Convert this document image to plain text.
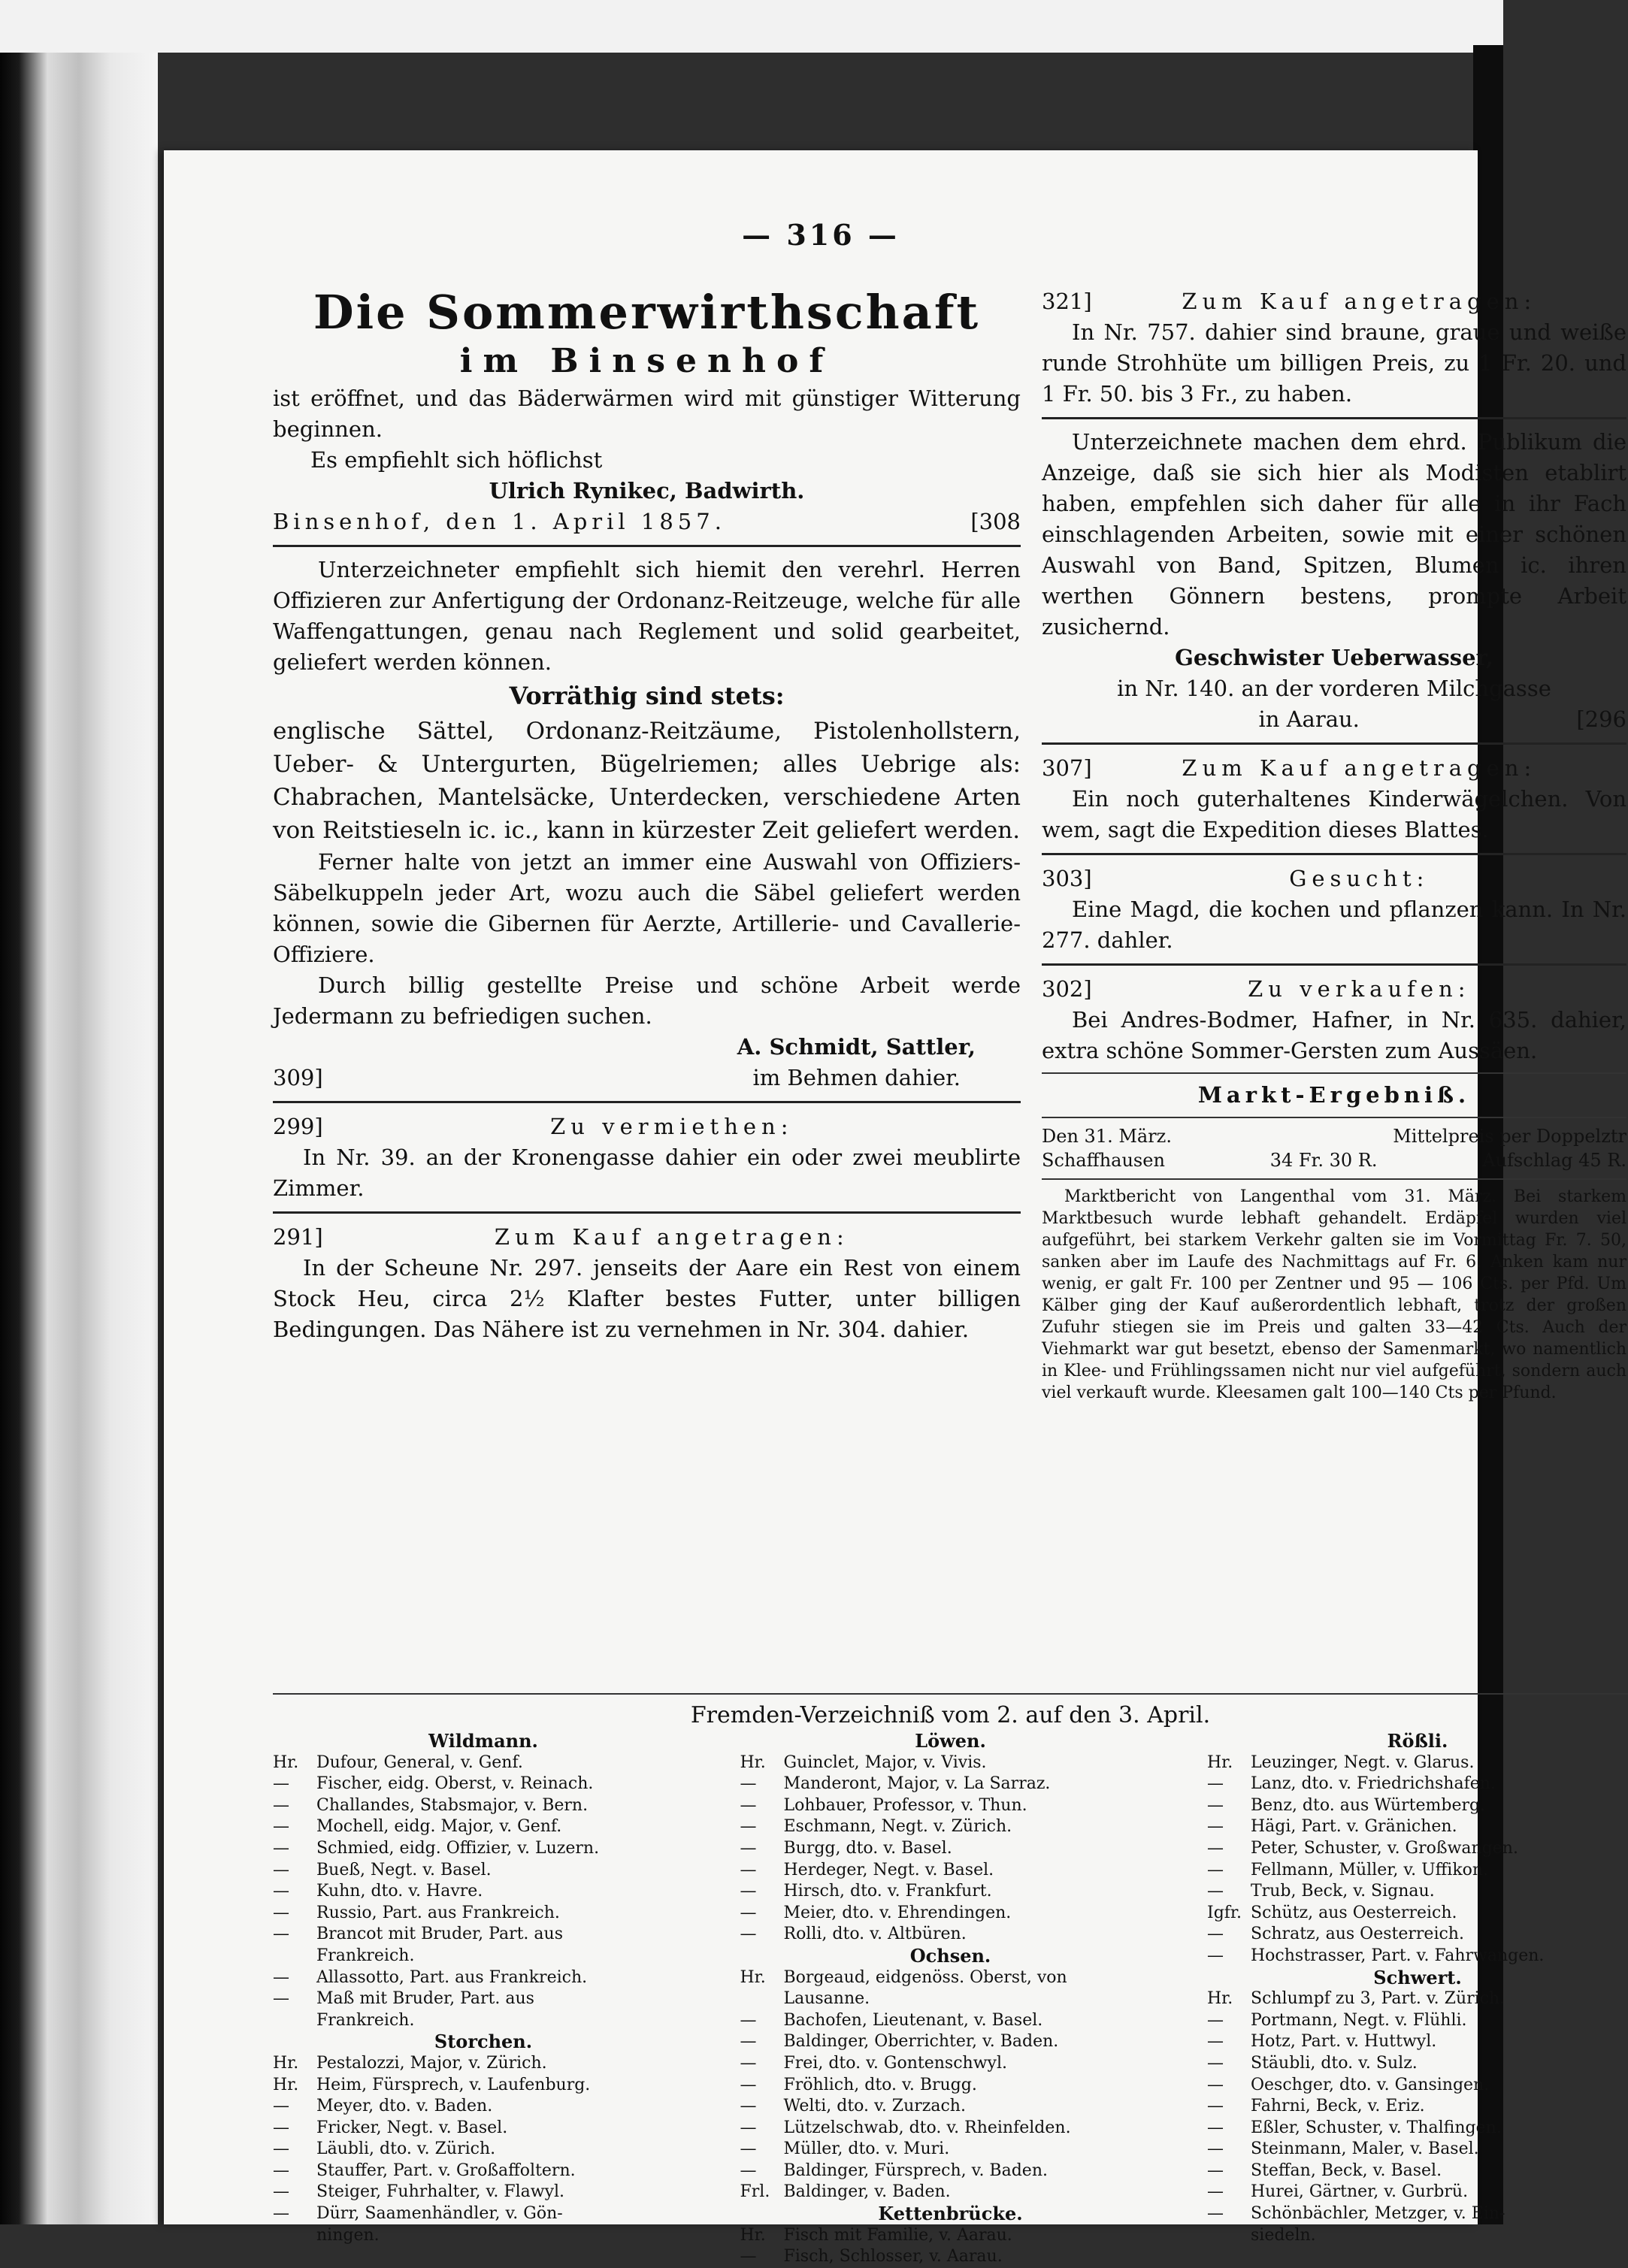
— 316 —

Die Sommerwirthschaft

im Binsenhof

ist eröffnet, und das Bäderwärmen wird mit günstiger Witterung beginnen.

Es empfiehlt sich höflichst

Ulrich Rynikec, Badwirth.

Binsenhof, den 1. April 1857.	[308

Unterzeichneter empfiehlt sich hiemit den verehrl. Herren Offizieren zur Anfertigung der Ordonanz-Reitzeuge, welche für alle Waffengattungen, genau nach Reglement und solid gearbeitet, geliefert werden können.

Vorräthig sind stets:

englische Sättel, Ordonanz-Reitzäume, Pistolenhollstern, Ueber- & Untergurten, Bügelriemen; alles Uebrige als: Chabrachen, Mantelsäcke, Unterdecken, verschiedene Arten von Reitstieseln ic. ic., kann in kürzester Zeit geliefert werden.

Ferner halte von jetzt an immer eine Auswahl von Offiziers-Säbelkuppeln jeder Art, wozu auch die Säbel geliefert werden können, sowie die Gibernen für Aerzte, Artillerie- und Cavallerie-Offiziere.

Durch billig gestellte Preise und schöne Arbeit werde Jedermann zu befriedigen suchen.

A. Schmidt, Sattler,

309]	im Behmen dahier.
299]	Zu vermiethen:

In Nr. 39. an der Kronengasse dahier ein oder zwei meublirte Zimmer.

291]	Zum Kauf angetragen:

In der Scheune Nr. 297. jenseits der Aare ein Rest von einem Stock Heu, circa 2½ Klafter bestes Futter, unter billigen Bedingungen. Das Nähere ist zu vernehmen in Nr. 304. dahier.

321]	Zum Kauf angetragen:

In Nr. 757. dahier sind braune, graue und weiße runde Strohhüte um billigen Preis, zu 1 Fr. 20. und 1 Fr. 50. bis 3 Fr., zu haben.

Unterzeichnete machen dem ehrd. Publikum die Anzeige, daß sie sich hier als Modisten etablirt haben, empfehlen sich daher für alle in ihr Fach einschlagenden Arbeiten, sowie mit einer schönen Auswahl von Band, Spitzen, Blumen ic. ihren werthen Gönnern bestens, prompte Arbeit zusichernd.

Geschwister Ueberwasser,

in Nr. 140. an der vorderen Milchgasse

in Aarau.	[296
307]	Zum Kauf angetragen:

Ein noch guterhaltenes Kinderwägelchen. Von wem, sagt die Expedition dieses Blattes.

303]	Gesucht:

Eine Magd, die kochen und pflanzen kann. In Nr. 277. dahler.

302]	Zu verkaufen:

Bei Andres-Bodmer, Hafner, in Nr. 635. dahier, extra schöne Sommer-Gersten zum Aussäen.

Markt-Ergebniß.

Den 31. März.	Mittelpreis per Doppelztr
Schaffhausen	34 Fr. 30 R.	Aufschlag 45 R.

Marktbericht von Langenthal vom 31. März. Bei starkem Marktbesuch wurde lebhaft gehandelt. Erdäpfel wurden viel aufgeführt, bei starkem Verkehr galten sie im Vormittag Fr. 7. 50, sanken aber im Laufe des Nachmittags auf Fr. 6. Anken kam nur wenig, er galt Fr. 100 per Zentner und 95 — 106 Cts. per Pfd. Um Kälber ging der Kauf außerordentlich lebhaft, trotz der großen Zufuhr stiegen sie im Preis und galten 33—42 Cts. Auch der Viehmarkt war gut besetzt, ebenso der Samenmarkt, wo namentlich in Klee- und Frühlingssamen nicht nur viel aufgeführt, sondern auch viel verkauft wurde. Kleesamen galt 100—140 Cts per Pfund.

Fremden-Verzeichniß vom 2. auf den 3. April.

Wildmann.
Hr.	Dufour, General, v. Genf.
—	Fischer, eidg. Oberst, v. Reinach.
—	Challandes, Stabsmajor, v. Bern.
—	Mochell, eidg. Major, v. Genf.
—	Schmied, eidg. Offizier, v. Luzern.
—	Bueß, Negt. v. Basel.
—	Kuhn, dto. v. Havre.
—	Russio, Part. aus Frankreich.
—	Brancot mit Bruder, Part. aus
Frankreich.
—	Allassotto, Part. aus Frankreich.
—	Maß mit Bruder, Part. aus
Frankreich.
Storchen.
Hr.	Pestalozzi, Major, v. Zürich.
Hr.	Heim, Fürsprech, v. Laufenburg.
—	Meyer, dto. v. Baden.
—	Fricker, Negt. v. Basel.
—	Läubli, dto. v. Zürich.
—	Stauffer, Part. v. Großaffoltern.
—	Steiger, Fuhrhalter, v. Flawyl.
—	Dürr, Saamenhändler, v. Gön-
ningen.
Löwen.
Hr.	Guinclet, Major, v. Vivis.
—	Manderont, Major, v. La Sarraz.
—	Lohbauer, Professor, v. Thun.
—	Eschmann, Negt. v. Zürich.
—	Burgg, dto. v. Basel.
—	Herdeger, Negt. v. Basel.
—	Hirsch, dto. v. Frankfurt.
—	Meier, dto. v. Ehrendingen.
—	Rolli, dto. v. Altbüren.
Ochsen.
Hr.	Borgeaud, eidgenöss. Oberst, von
Lausanne.
—	Bachofen, Lieutenant, v. Basel.
—	Baldinger, Oberrichter, v. Baden.
—	Frei, dto. v. Gontenschwyl.
—	Fröhlich, dto. v. Brugg.
—	Welti, dto. v. Zurzach.
—	Lützelschwab, dto. v. Rheinfelden.
—	Müller, dto. v. Muri.
—	Baldinger, Fürsprech, v. Baden.
Frl. Baldinger, v. Baden.
Kettenbrücke.
Hr.	Fisch mit Familie, v. Aarau.
—	Fisch, Schlosser, v. Aarau.
Rößli.
Hr.	Leuzinger, Negt. v. Glarus.
—	Lanz, dto. v. Friedrichshafen.
—	Benz, dto. aus Würtemberg.
—	Hägi, Part. v. Gränichen.
—	Peter, Schuster, v. Großwangen.
—	Fellmann, Müller, v. Uffikon.
—	Trub, Beck, v. Signau.
Igfr. Schütz, aus Oesterreich.
—	Schratz, aus Oesterreich.
—	Hochstrasser, Part. v. Fahrwangen.
Schwert.
Hr.	Schlumpf zu 3, Part. v. Zürich.
—	Portmann, Negt. v. Flühli.
—	Hotz, Part. v. Huttwyl.
—	Stäubli, dto. v. Sulz.
—	Oeschger, dto. v. Gansingen.
—	Fahrni, Beck, v. Eriz.
—	Eßler, Schuster, v. Thalfingen.
—	Steinmann, Maler, v. Basel.
—	Steffan, Beck, v. Basel.
—	Hurei, Gärtner, v. Gurbrü.
—	Schönbächler, Metzger, v. Ein-
siedeln.
